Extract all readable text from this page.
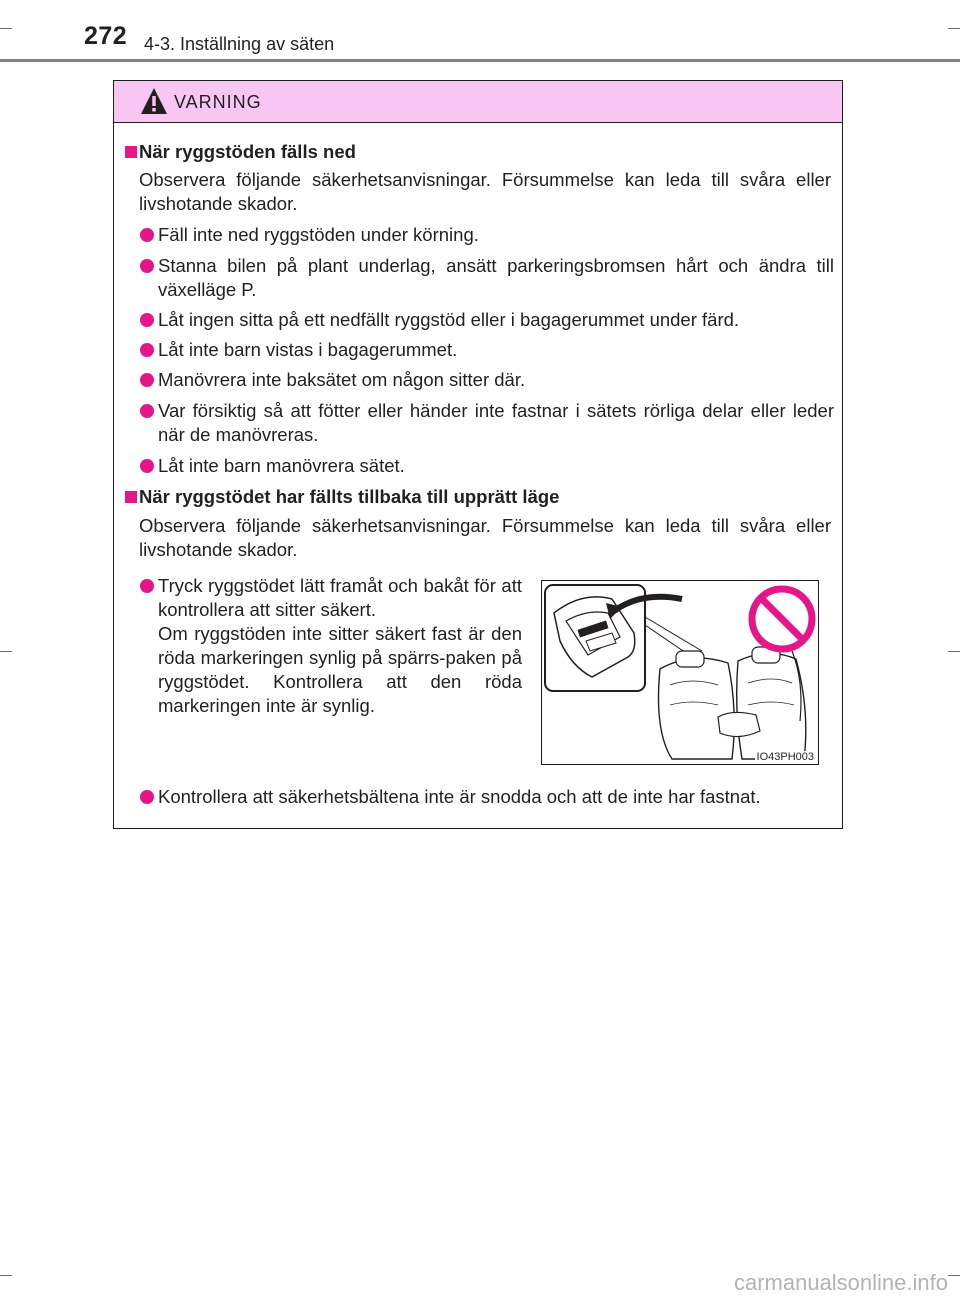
272 4-3. Inställning av säten
VARNING
När ryggstöden fälls ned
Observera följande säkerhetsanvisningar. Försummelse kan leda till svåra eller livshotande skador.
Fäll inte ned ryggstöden under körning.
Stanna bilen på plant underlag, ansätt parkeringsbromsen hårt och ändra till växelläge P.
Låt ingen sitta på ett nedfällt ryggstöd eller i bagagerummet under färd.
Låt inte barn vistas i bagagerummet.
Manövrera inte baksätet om någon sitter där.
Var försiktig så att fötter eller händer inte fastnar i sätets rörliga delar eller leder när de manövreras.
Låt inte barn manövrera sätet.
När ryggstödet har fällts tillbaka till upprätt läge
Observera följande säkerhetsanvisningar. Försummelse kan leda till svåra eller livshotande skador.
Tryck ryggstödet lätt framåt och bakåt för att kontrollera att sitter säkert.
Om ryggstöden inte sitter säkert fast är den röda markeringen synlig på spärrs-paken på ryggstödet. Kontrollera att den röda markeringen inte är synlig.
IO43PH003
Kontrollera att säkerhetsbältena inte är snodda och att de inte har fastnat.
carmanualsonline.info
